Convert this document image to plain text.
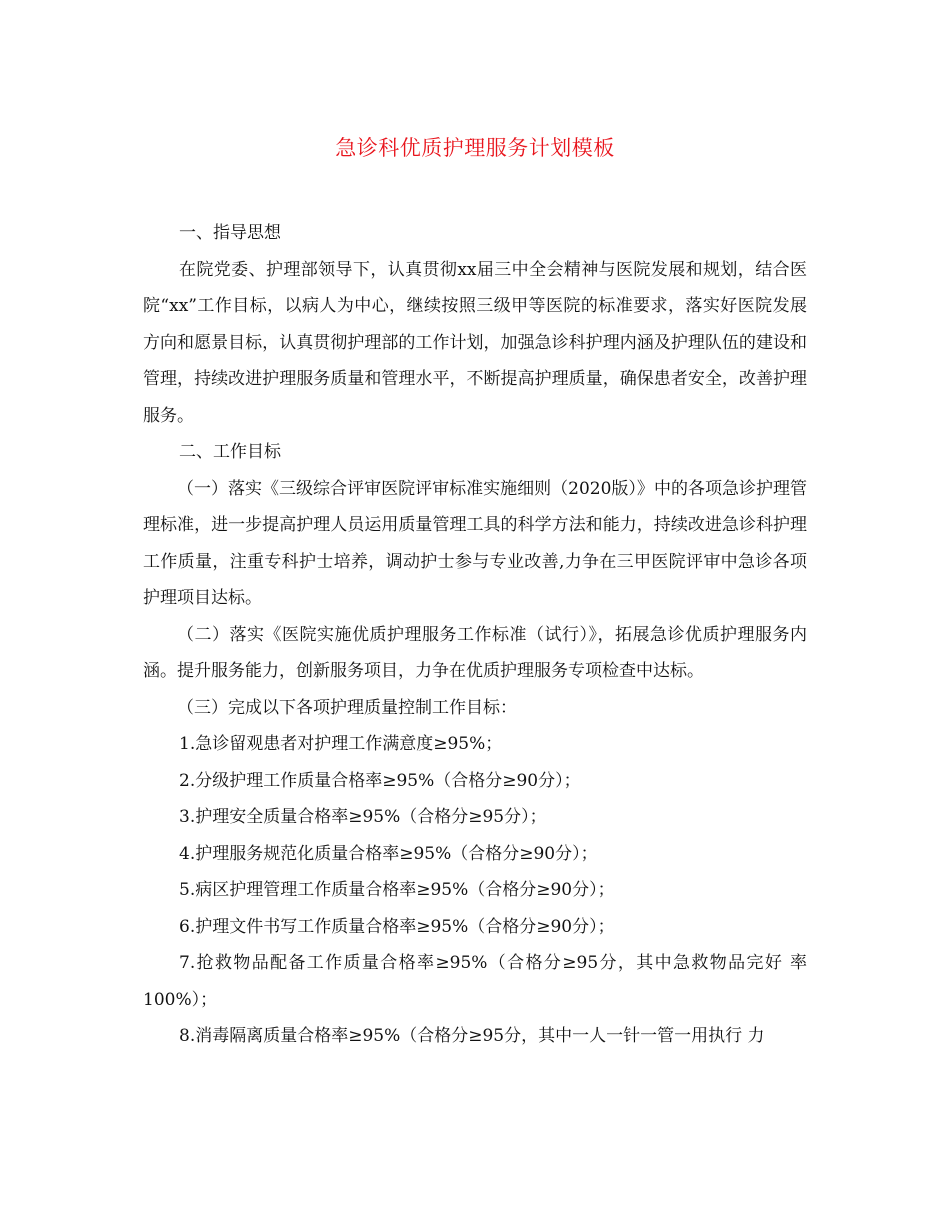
急诊科优质护理服务计划模板

一、指导思想

在院党委、护理部领导下，认真贯彻xx届三中全会精神与医院发展和规划，结合医院“xx”工作目标，以病人为中心，继续按照三级甲等医院的标准要求，落实好医院发展方向和愿景目标，认真贯彻护理部的工作计划，加强急诊科护理内涵及护理队伍的建设和管理，持续改进护理服务质量和管理水平，不断提高护理质量，确保患者安全，改善护理服务。

二、工作目标

（一）落实《三级综合评审医院评审标准实施细则（2020版）》中的各项急诊护理管理标准，进一步提高护理人员运用质量管理工具的科学方法和能力，持续改进急诊科护理工作质量，注重专科护士培养，调动护士参与专业改善,力争在三甲医院评审中急诊各项护理项目达标。

（二）落实《医院实施优质护理服务工作标准（试行）》，拓展急诊优质护理服务内涵。提升服务能力，创新服务项目，力争在优质护理服务专项检查中达标。

（三）完成以下各项护理质量控制工作目标：

1.急诊留观患者对护理工作满意度≥95%；

2.分级护理工作质量合格率≥95%（合格分≥90分）；

3.护理安全质量合格率≥95%（合格分≥95分）；

4.护理服务规范化质量合格率≥95%（合格分≥90分）；

5.病区护理管理工作质量合格率≥95%（合格分≥90分）；

6.护理文件书写工作质量合格率≥95%（合格分≥90分）；

7.抢救物品配备工作质量合格率≥95%（合格分≥95分，其中急救物品完好 率100%）；

8.消毒隔离质量合格率≥95%（合格分≥95分，其中一人一针一管一用执行 力
